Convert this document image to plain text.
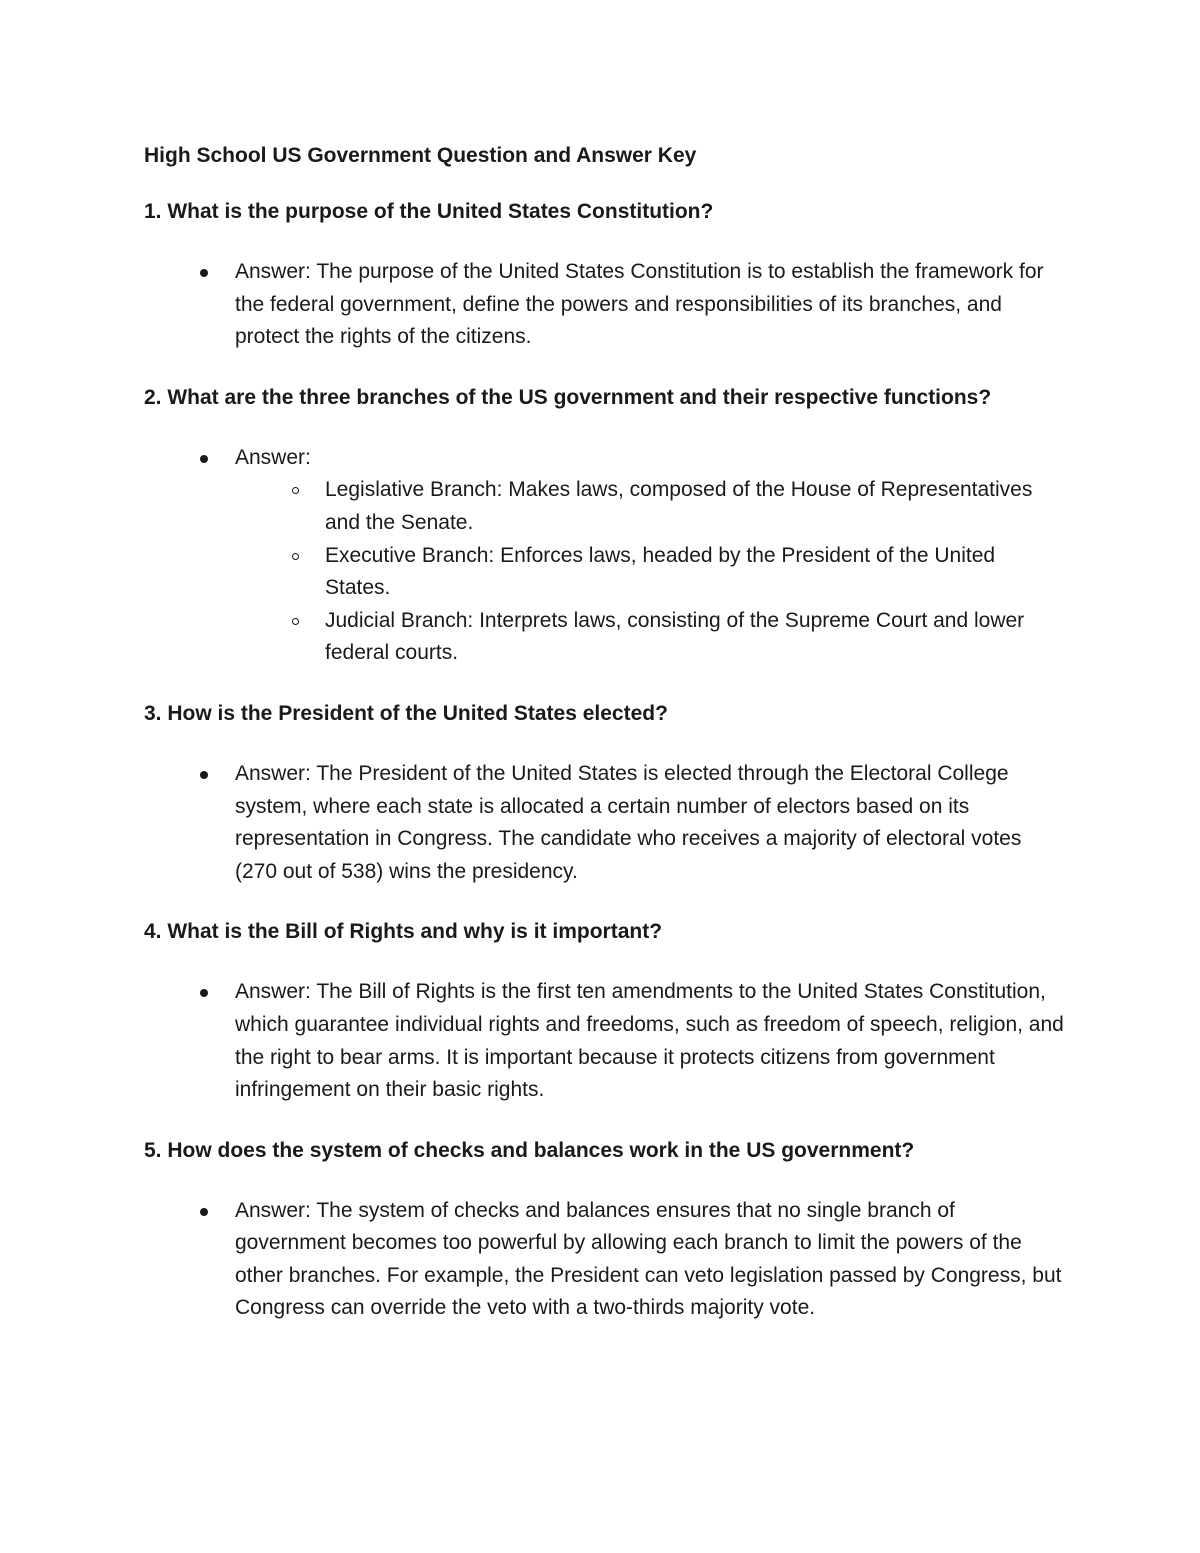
High School US Government Question and Answer Key
1. What is the purpose of the United States Constitution?
Answer: The purpose of the United States Constitution is to establish the framework for the federal government, define the powers and responsibilities of its branches, and protect the rights of the citizens.
2. What are the three branches of the US government and their respective functions?
Answer:
Legislative Branch: Makes laws, composed of the House of Representatives and the Senate.
Executive Branch: Enforces laws, headed by the President of the United States.
Judicial Branch: Interprets laws, consisting of the Supreme Court and lower federal courts.
3. How is the President of the United States elected?
Answer: The President of the United States is elected through the Electoral College system, where each state is allocated a certain number of electors based on its representation in Congress. The candidate who receives a majority of electoral votes (270 out of 538) wins the presidency.
4. What is the Bill of Rights and why is it important?
Answer: The Bill of Rights is the first ten amendments to the United States Constitution, which guarantee individual rights and freedoms, such as freedom of speech, religion, and the right to bear arms. It is important because it protects citizens from government infringement on their basic rights.
5. How does the system of checks and balances work in the US government?
Answer: The system of checks and balances ensures that no single branch of government becomes too powerful by allowing each branch to limit the powers of the other branches. For example, the President can veto legislation passed by Congress, but Congress can override the veto with a two-thirds majority vote.
